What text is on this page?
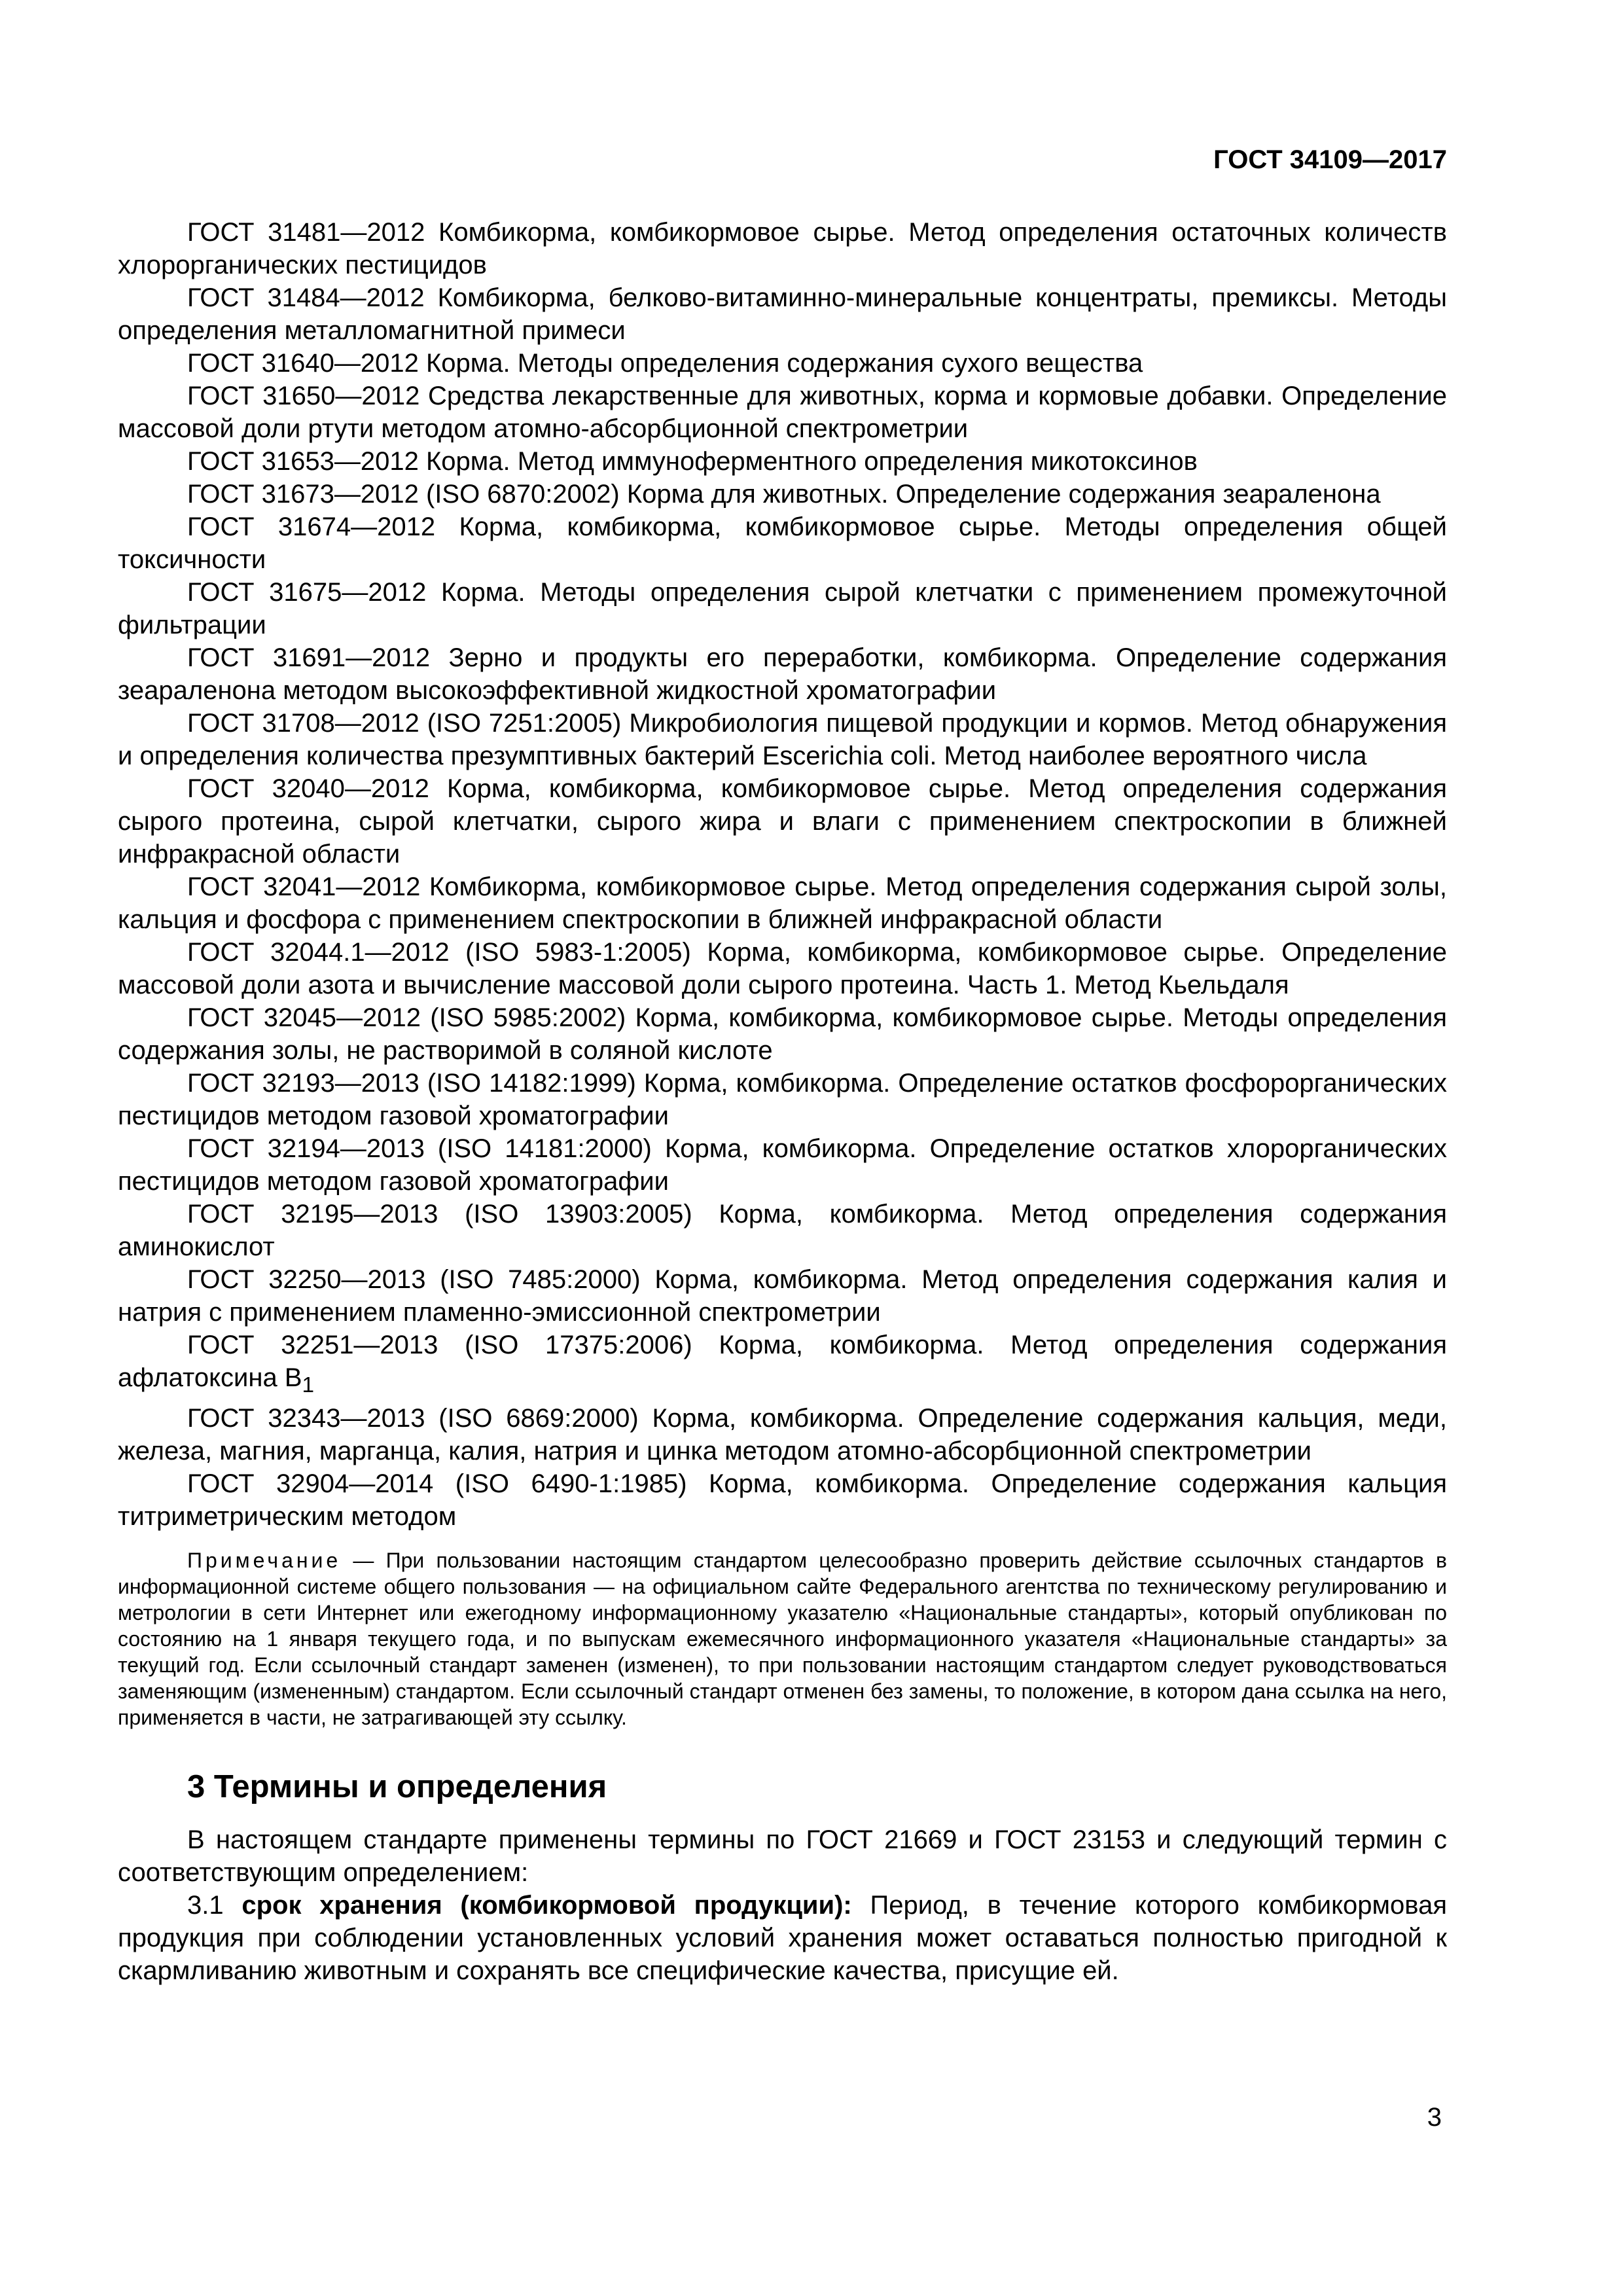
ГОСТ 34109—2017

ГОСТ 31481—2012 Комбикорма, комбикормовое сырье. Метод определения остаточных количеств хлорорганических пестицидов

ГОСТ 31484—2012 Комбикорма, белково-витаминно-минеральные концентраты, премиксы. Методы определения металломагнитной примеси

ГОСТ 31640—2012 Корма. Методы определения содержания сухого вещества

ГОСТ 31650—2012 Средства лекарственные для животных, корма и кормовые добавки. Определение массовой доли ртути методом атомно-абсорбционной спектрометрии

ГОСТ 31653—2012 Корма. Метод иммуноферментного определения микотоксинов

ГОСТ 31673—2012 (ISO 6870:2002) Корма для животных. Определение содержания зеараленона

ГОСТ 31674—2012 Корма, комбикорма, комбикормовое сырье. Методы определения общей токсичности

ГОСТ 31675—2012 Корма. Методы определения сырой клетчатки с применением промежуточной фильтрации

ГОСТ 31691—2012 Зерно и продукты его переработки, комбикорма. Определение содержания зеараленона методом высокоэффективной жидкостной хроматографии

ГОСТ 31708—2012 (ISO 7251:2005) Микробиология пищевой продукции и кормов. Метод обнаружения и определения количества презумптивных бактерий Escerichia coli. Метод наиболее вероятного числа

ГОСТ 32040—2012 Корма, комбикорма, комбикормовое сырье. Метод определения содержания сырого протеина, сырой клетчатки, сырого жира и влаги с применением спектроскопии в ближней инфракрасной области

ГОСТ 32041—2012 Комбикорма, комбикормовое сырье. Метод определения содержания сырой золы, кальция и фосфора с применением спектроскопии в ближней инфракрасной области

ГОСТ 32044.1—2012 (ISO 5983-1:2005) Корма, комбикорма, комбикормовое сырье. Определение массовой доли азота и вычисление массовой доли сырого протеина. Часть 1. Метод Кьельдаля

ГОСТ 32045—2012 (ISO 5985:2002) Корма, комбикорма, комбикормовое сырье. Методы определения содержания золы, не растворимой в соляной кислоте

ГОСТ 32193—2013 (ISO 14182:1999) Корма, комбикорма. Определение остатков фосфорорганических пестицидов методом газовой хроматографии

ГОСТ 32194—2013 (ISO 14181:2000) Корма, комбикорма. Определение остатков хлорорганических пестицидов методом газовой хроматографии

ГОСТ 32195—2013 (ISO 13903:2005) Корма, комбикорма. Метод определения содержания аминокислот

ГОСТ 32250—2013 (ISO 7485:2000) Корма, комбикорма. Метод определения содержания калия и натрия с применением пламенно-эмиссионной спектрометрии

ГОСТ 32251—2013 (ISO 17375:2006) Корма, комбикорма. Метод определения содержания афлатоксина $B_1$

ГОСТ 32343—2013 (ISO 6869:2000) Корма, комбикорма. Определение содержания кальция, меди, железа, магния, марганца, калия, натрия и цинка методом атомно-абсорбционной спектрометрии

ГОСТ 32904—2014 (ISO 6490-1:1985) Корма, комбикорма. Определение содержания кальция титриметрическим методом

Примечание — При пользовании настоящим стандартом целесообразно проверить действие ссылочных стандартов в информационной системе общего пользования — на официальном сайте Федерального агентства по техническому регулированию и метрологии в сети Интернет или ежегодному информационному указателю «Национальные стандарты», который опубликован по состоянию на 1 января текущего года, и по выпускам ежемесячного информационного указателя «Национальные стандарты» за текущий год. Если ссылочный стандарт заменен (изменен), то при пользовании настоящим стандартом следует руководствоваться заменяющим (измененным) стандартом. Если ссылочный стандарт отменен без замены, то положение, в котором дана ссылка на него, применяется в части, не затрагивающей эту ссылку.
3 Термины и определения

В настоящем стандарте применены термины по ГОСТ 21669 и ГОСТ 23153 и следующий термин с соответствующим определением:

3.1 срок хранения (комбикормовой продукции): Период, в течение которого комбикормовая продукция при соблюдении установленных условий хранения может оставаться полностью пригодной к скармливанию животным и сохранять все специфические качества, присущие ей.

3
